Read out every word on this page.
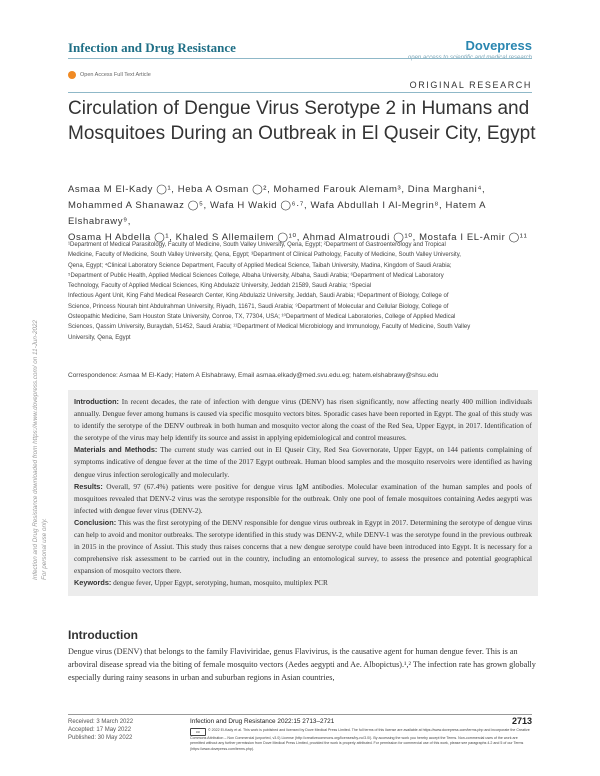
Infection and Drug Resistance	Dovepress
Open Access Full Text Article
ORIGINAL RESEARCH
Circulation of Dengue Virus Serotype 2 in Humans and Mosquitoes During an Outbreak in El Quseir City, Egypt
Asmaa M El-Kady ◯¹, Heba A Osman ◯², Mohamed Farouk Alemam³, Dina Marghani⁴,
Mohammed A Shanawaz ◯⁵, Wafa H Wakid ◯⁶·⁷, Wafa Abdullah I Al-Megrin⁸, Hatem A Elshabrawy⁹,
Osama H Abdella ◯¹, Khaled S Allemailem ◯¹⁰, Ahmad Almatroudi ◯¹⁰, Mostafa I EL-Amir ◯¹¹
¹Department of Medical Parasitology, Faculty of Medicine, South Valley University, Qena, Egypt; ²Department of Gastroenterology and Tropical
Medicine, Faculty of Medicine, South Valley University, Qena, Egypt; ³Department of Clinical Pathology, Faculty of Medicine, South Valley University,
Qena, Egypt; ⁴Clinical Laboratory Science Department, Faculty of Applied Medical Science, Taibah University, Madina, Kingdom of Saudi Arabia;
⁵Department of Public Health, Applied Medical Sciences College, Albaha University, Albaha, Saudi Arabia; ⁶Department of Medical Laboratory
Technology, Faculty of Applied Medical Sciences, King Abdulaziz University, Jeddah 21589, Saudi Arabia; ⁷Special
Infectious Agent Unit, King Fahd Medical Research Center, King Abdulaziz University, Jeddah, Saudi Arabia; ⁸Department of Biology, College of
Science, Princess Nourah bint Abdulrahman University, Riyadh, 11671, Saudi Arabia; ⁹Department of Molecular and Cellular Biology, College of
Osteopathic Medicine, Sam Houston State University, Conroe, TX, 77304, USA; ¹⁰Department of Medical Laboratories, College of Applied Medical
Sciences, Qassim University, Buraydah, 51452, Saudi Arabia; ¹¹Department of Medical Microbiology and Immunology, Faculty of Medicine, South Valley
University, Qena, Egypt
Correspondence: Asmaa M El-Kady; Hatem A Elshabrawy, Email asmaa.elkady@med.svu.edu.eg; hatem.elshabrawy@shsu.edu

Introduction: In recent decades, the rate of infection with dengue virus (DENV) has risen significantly, now affecting nearly 400 million individuals annually. Dengue fever among humans is caused via specific mosquito vectors bites. Sporadic cases have been reported in Egypt. The goal of this study was to identify the serotype of the DENV outbreak in both human and mosquito vector along the coast of the Red Sea, Upper Egypt, in 2017. Identification of the serotype of the virus may help identify its source and assist in applying epidemiological and control measures.

Materials and Methods: The current study was carried out in El Quseir City, Red Sea Governorate, Upper Egypt, on 144 patients complaining of symptoms indicative of dengue fever at the time of the 2017 Egypt outbreak. Human blood samples and the mosquito reservoirs were identified as having dengue virus infection serologically and molecularly.

Results: Overall, 97 (67.4%) patients were positive for dengue virus IgM antibodies. Molecular examination of the human samples and pools of mosquitoes revealed that DENV-2 virus was the serotype responsible for the outbreak. Only one pool of female mosquitoes containing Aedes aegypti was infected with dengue fever virus (DENV-2).

Conclusion: This was the first serotyping of the DENV responsible for dengue virus outbreak in Egypt in 2017. Determining the serotype of dengue virus can help to avoid and monitor outbreaks. The serotype identified in this study was DENV-2, while DENV-1 was the serotype found in the previous outbreak in 2015 in the province of Assiut. This study thus raises concerns that a new dengue serotype could have been introduced into Egypt. It is necessary for a comprehensive risk assessment to be carried out in the country, including an entomological survey, to assess the presence and potential geographical expansion of mosquito vectors there.

Keywords: dengue fever, Upper Egypt, serotyping, human, mosquito, multiplex PCR

Introduction
Dengue virus (DENV) that belongs to the family Flaviviridae, genus Flavivirus, is the causative agent for human dengue fever. This is an arboviral disease spread via the biting of female mosquito vectors (Aedes aegypti and Ae. Albopictus).¹,² The infection rate has grown globally especially during rainy seasons in urban and suburban regions in Asian countries,
Infection and Drug Resistance downloaded from https://www.dovepress.com/ on 11-Jun-2022 For personal use only.
Received: 3 March 2022
Accepted: 17 May 2022
Published: 30 May 2022
Infection and Drug Resistance 2022:15 2713–2721	2713
cc © 2022 El-Kady et al. This work is published and licensed by Dove Medical Press Limited. The full terms of this license are available at https://www.dovepress.com/terms.php and incorporate the Creative Commons Attribution – Non Commercial (unported, v3.0) License (http://creativecommons.org/licenses/by-nc/3.0/). By accessing the work you hereby accept the Terms. Non-commercial uses of the work are permitted without any further permission from Dove Medical Press Limited, provided the work is properly attributed. For permission for commercial use of this work, please see paragraphs 4.2 and 5 of our Terms (https://www.dovepress.com/terms.php).
